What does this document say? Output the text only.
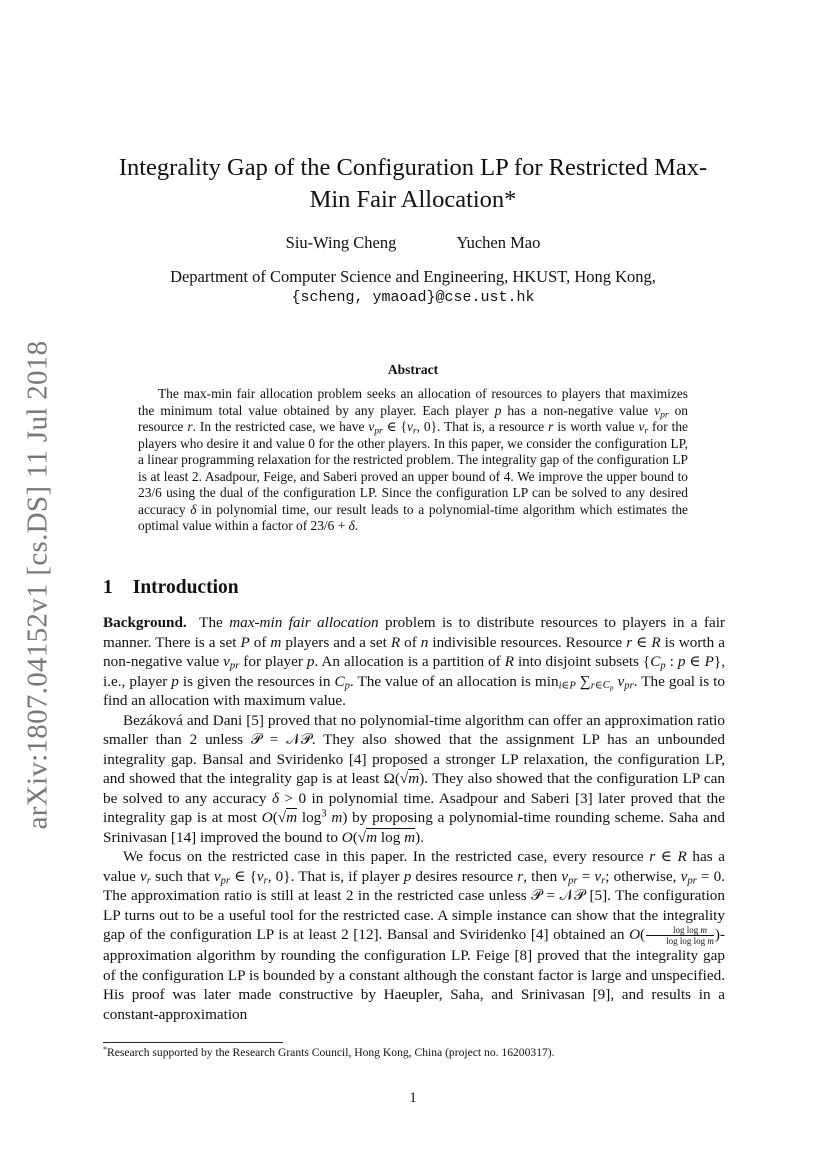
arXiv:1807.04152v1 [cs.DS] 11 Jul 2018
Integrality Gap of the Configuration LP for Restricted Max-Min Fair Allocation*
Siu-Wing Cheng	Yuchen Mao
Department of Computer Science and Engineering, HKUST, Hong Kong,
{scheng, ymaoad}@cse.ust.hk
Abstract

The max-min fair allocation problem seeks an allocation of resources to players that maximizes the minimum total value obtained by any player. Each player p has a non-negative value $v_{pr}$ on resource r. In the restricted case, we have $v_{pr}$ ∈ {$v_r$, 0}. That is, a resource r is worth value $v_r$ for the players who desire it and value 0 for the other players. In this paper, we consider the configuration LP, a linear programming relaxation for the restricted problem. The integrality gap of the configuration LP is at least 2. Asadpour, Feige, and Saberi proved an upper bound of 4. We improve the upper bound to 23/6 using the dual of the configuration LP. Since the configuration LP can be solved to any desired accuracy δ in polynomial time, our result leads to a polynomial-time algorithm which estimates the optimal value within a factor of 23/6 + δ.

1 Introduction

Background.  The max-min fair allocation problem is to distribute resources to players in a fair manner. There is a set P of m players and a set R of n indivisible resources. Resource r ∈ R is worth a non-negative value $v_{pr}$ for player p. An allocation is a partition of R into disjoint subsets {$C_p$ : p ∈ P}, i.e., player p is given the resources in $C_p$. The value of an allocation is $\min_{i\in P} \sum_{r\in C_p}$ $v_{pr}$. The goal is to find an allocation with maximum value.

Bezáková and Dani [5] proved that no polynomial-time algorithm can offer an approximation ratio smaller than 2 unless 𝒫 = 𝒩𝒫. They also showed that the assignment LP has an unbounded integrality gap. Bansal and Sviridenko [4] proposed a stronger LP relaxation, the configuration LP, and showed that the integrality gap is at least Ω(√m). They also showed that the configuration LP can be solved to any accuracy δ > 0 in polynomial time. Asadpour and Saberi [3] later proved that the integrality gap is at most O(√m $\log^3 m$) by proposing a polynomial-time rounding scheme. Saha and Srinivasan [14] improved the bound to O(√m log m).

We focus on the restricted case in this paper. In the restricted case, every resource r ∈ R has a value $v_r$ such that $v_{pr}$ ∈ {$v_r$, 0}. That is, if player p desires resource r, then $v_{pr} = v_r$; otherwise, $v_{pr} = 0$. The approximation ratio is still at least 2 in the restricted case unless 𝒫 = 𝒩𝒫 [5]. The configuration LP turns out to be a useful tool for the restricted case. A simple instance can show that the integrality gap of the configuration LP is at least 2 [12]. Bansal and Sviridenko [4] obtained an $O( \frac{\text{log log m}}{\text{log log log m}}$ )-approximation algorithm by rounding the configuration LP. Feige [8] proved that the integrality gap of the configuration LP is bounded by a constant although the constant factor is large and unspecified. His proof was later made constructive by Haeupler, Saha, and Srinivasan [9], and results in a constant-approximation

*Research supported by the Research Grants Council, Hong Kong, China (project no. 16200317).
1
